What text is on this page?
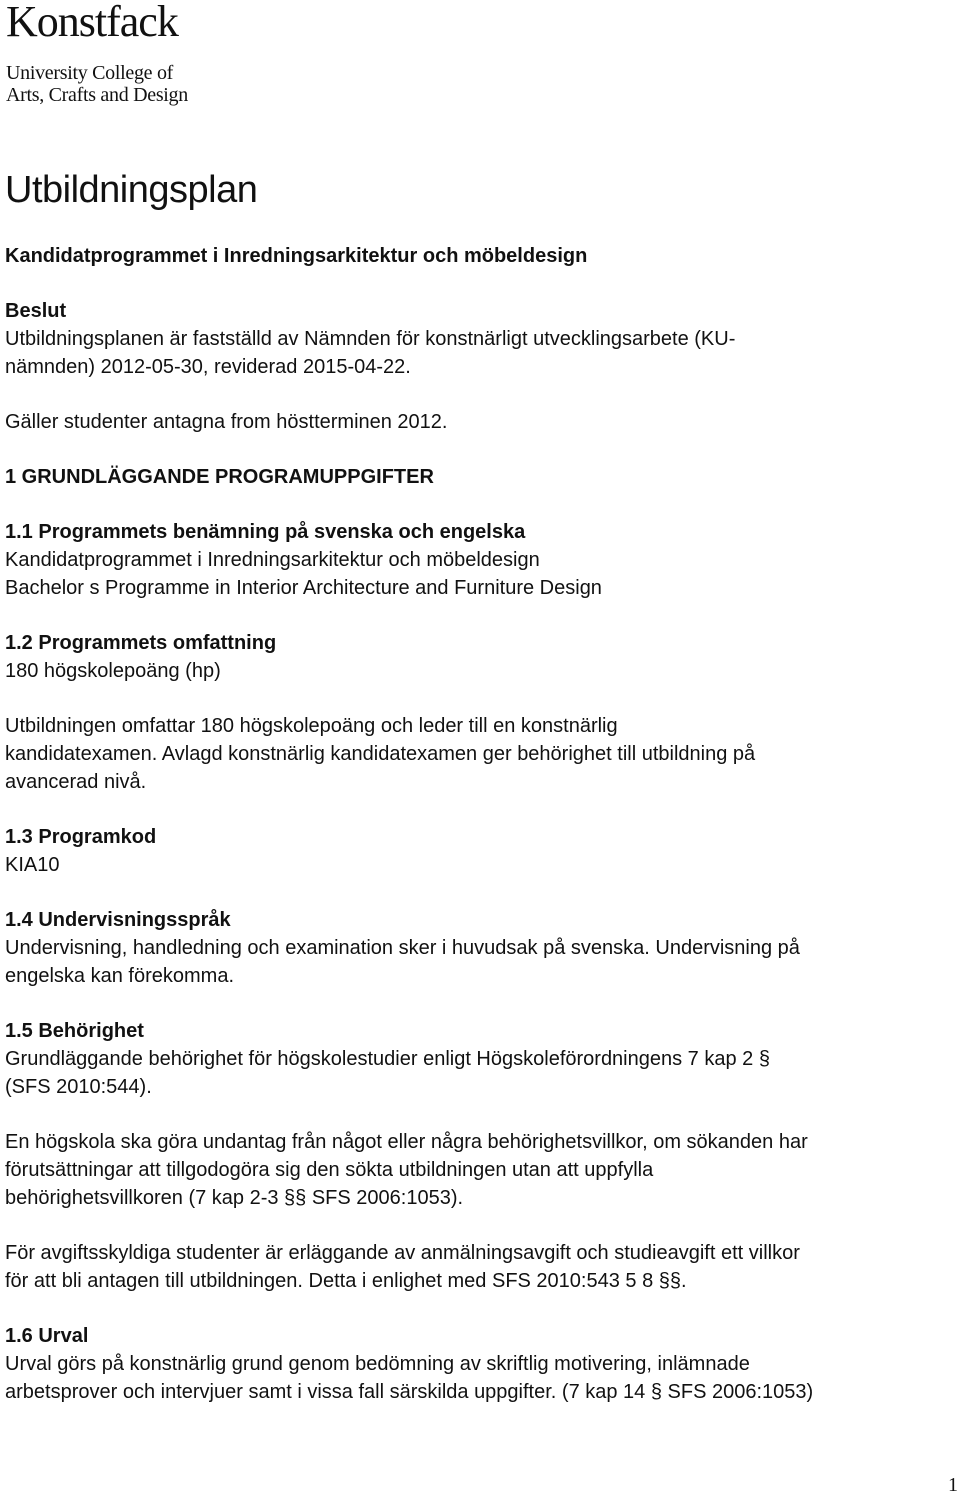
Konstfack
University College of
Arts, Crafts and Design
Utbildningsplan
Kandidatprogrammet i Inredningsarkitektur och möbeldesign
Beslut
Utbildningsplanen är fastställd av Nämnden för konstnärligt utvecklingsarbete (KU-
nämnden) 2012-05-30, reviderad 2015-04-22.
Gäller studenter antagna from höstterminen 2012.
1 GRUNDLÄGGANDE PROGRAMUPPGIFTER
1.1 Programmets benämning på svenska och engelska
Kandidatprogrammet i Inredningsarkitektur och möbeldesign
Bachelor s Programme in Interior Architecture and Furniture Design
1.2 Programmets omfattning
180 högskolepoäng (hp)
Utbildningen omfattar 180 högskolepoäng och leder till en konstnärlig
kandidatexamen. Avlagd konstnärlig kandidatexamen ger behörighet till utbildning på
avancerad nivå.
1.3 Programkod
KIA10
1.4 Undervisningsspråk
Undervisning, handledning och examination sker i huvudsak på svenska. Undervisning på
engelska kan förekomma.
1.5 Behörighet
Grundläggande behörighet för högskolestudier enligt Högskoleförordningens 7 kap 2 §
(SFS 2010:544).
En högskola ska göra undantag från något eller några behörighetsvillkor, om sökanden har
förutsättningar att tillgodogöra sig den sökta utbildningen utan att uppfylla
behörighetsvillkoren (7 kap 2-3 §§ SFS 2006:1053).
För avgiftsskyldiga studenter är erläggande av anmälningsavgift och studieavgift ett villkor
för att bli antagen till utbildningen. Detta i enlighet med SFS 2010:543 5 8 §§.
1.6 Urval
Urval görs på konstnärlig grund genom bedömning av skriftlig motivering, inlämnade
arbetsprover och intervjuer samt i vissa fall särskilda uppgifter. (7 kap 14 § SFS 2006:1053)
1
